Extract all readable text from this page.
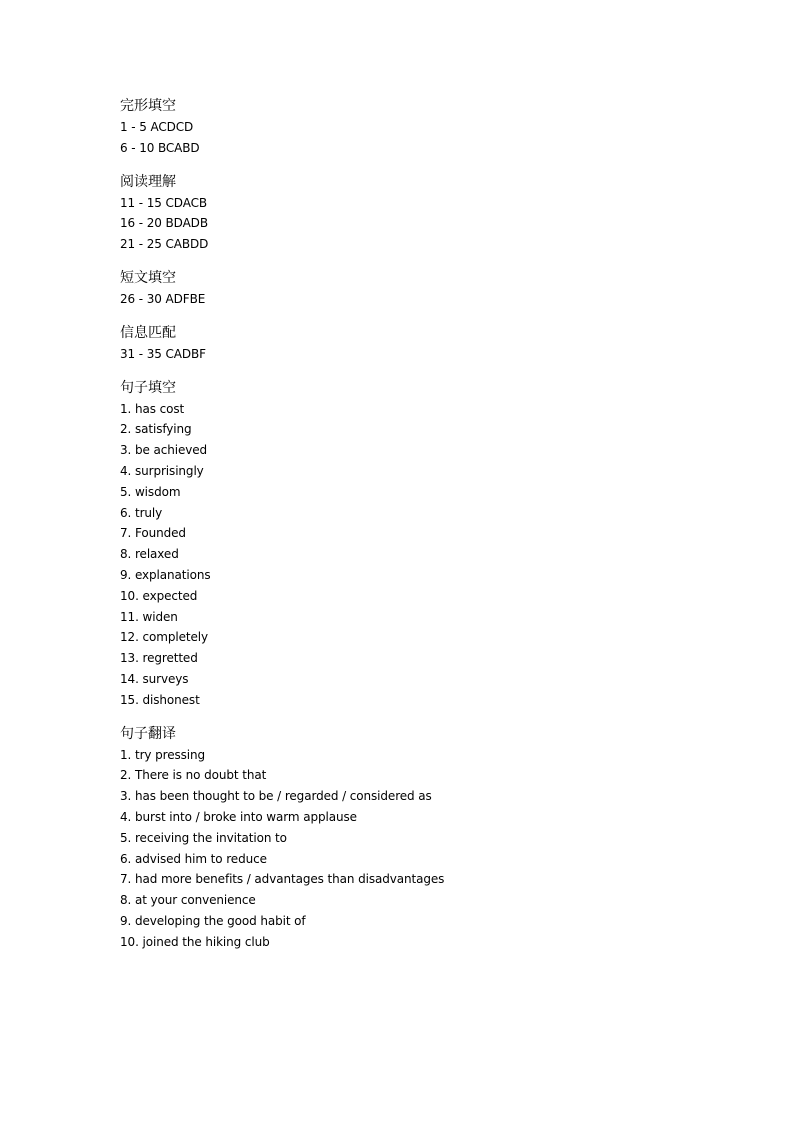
完形填空
1 - 5 ACDCD
6 - 10 BCABD
阅读理解
11 - 15 CDACB
16 - 20 BDADB
21 - 25 CABDD
短文填空
26 - 30 ADFBE
信息匹配
31 - 35 CADBF
句子填空
1. has cost
2. satisfying
3. be achieved
4. surprisingly
5. wisdom
6. truly
7. Founded
8. relaxed
9. explanations
10. expected
11. widen
12. completely
13. regretted
14. surveys
15. dishonest
句子翻译
1. try pressing
2. There is no doubt that
3. has been thought to be / regarded / considered as
4. burst into / broke into warm applause
5. receiving the invitation to
6. advised him to reduce
7. had more benefits / advantages than disadvantages
8. at your convenience
9. developing the good habit of
10. joined the hiking club
